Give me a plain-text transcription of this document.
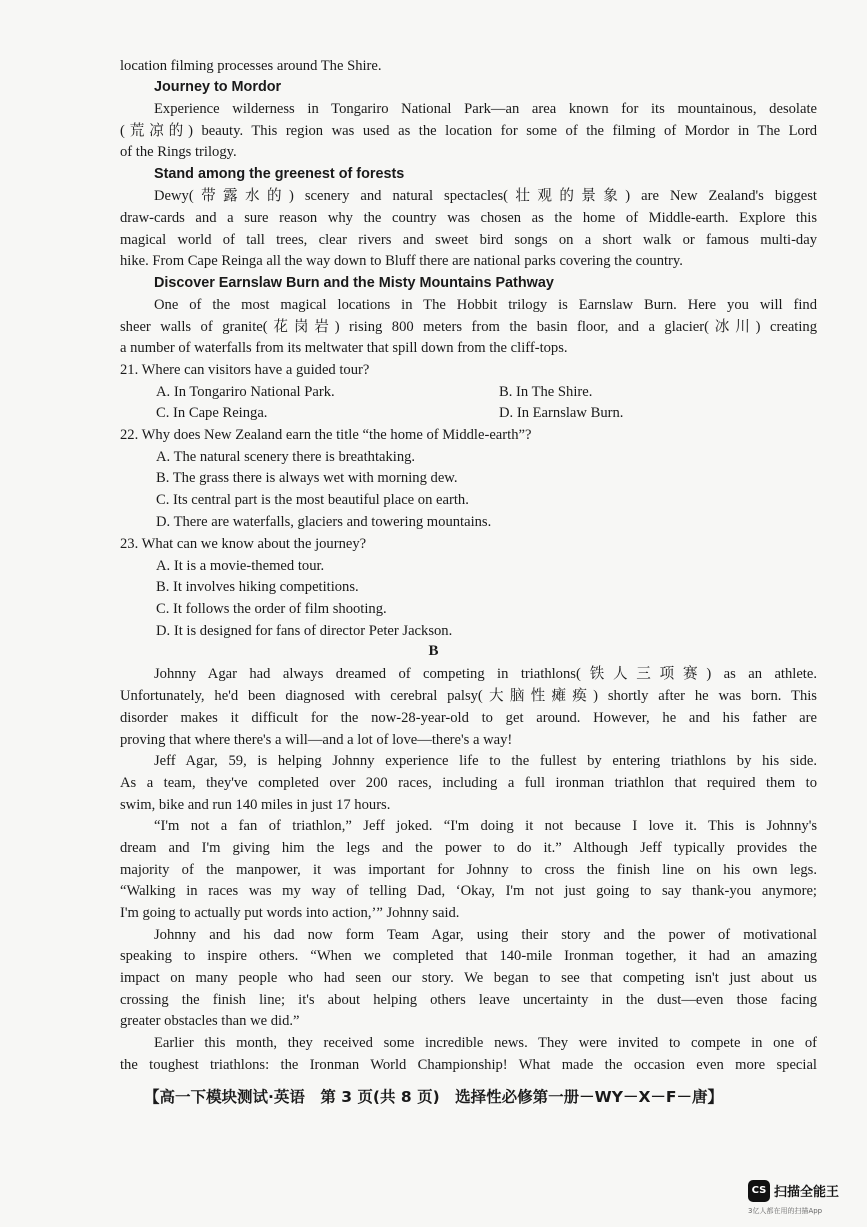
location filming processes around The Shire.
Journey to Mordor
Experience wilderness in Tongariro National Park—an area known for its mountainous, desolate
(荒凉的) beauty. This region was used as the location for some of the filming of Mordor in The Lord
of the Rings trilogy.
Stand among the greenest of forests
Dewy(带露水的) scenery and natural spectacles(壮观的景象) are New Zealand's biggest
draw-cards and a sure reason why the country was chosen as the home of Middle-earth. Explore this
magical world of tall trees, clear rivers and sweet bird songs on a short walk or famous multi-day
hike. From Cape Reinga all the way down to Bluff there are national parks covering the country.
Discover Earnslaw Burn and the Misty Mountains Pathway
One of the most magical locations in The Hobbit trilogy is Earnslaw Burn. Here you will find
sheer walls of granite(花岗岩) rising 800 meters from the basin floor, and a glacier(冰川) creating
a number of waterfalls from its meltwater that spill down from the cliff-tops.
21. Where can visitors have a guided tour?
A. In Tongariro National Park.	B. In The Shire.
C. In Cape Reinga.	D. In Earnslaw Burn.
22. Why does New Zealand earn the title “the home of Middle-earth”?
A. The natural scenery there is breathtaking.
B. The grass there is always wet with morning dew.
C. Its central part is the most beautiful place on earth.
D. There are waterfalls, glaciers and towering mountains.
23. What can we know about the journey?
A. It is a movie-themed tour.
B. It involves hiking competitions.
C. It follows the order of film shooting.
D. It is designed for fans of director Peter Jackson.
B
Johnny Agar had always dreamed of competing in triathlons(铁人三项赛) as an athlete.
Unfortunately, he'd been diagnosed with cerebral palsy(大脑性瘫痪) shortly after he was born. This
disorder makes it difficult for the now-28-year-old to get around. However, he and his father are
proving that where there's a will—and a lot of love—there's a way!
Jeff Agar, 59, is helping Johnny experience life to the fullest by entering triathlons by his side.
As a team, they've completed over 200 races, including a full ironman triathlon that required them to
swim, bike and run 140 miles in just 17 hours.
“I'm not a fan of triathlon,” Jeff joked. “I'm doing it not because I love it. This is Johnny's
dream and I'm giving him the legs and the power to do it.” Although Jeff typically provides the
majority of the manpower, it was important for Johnny to cross the finish line on his own legs.
“Walking in races was my way of telling Dad, ‘Okay, I'm not just going to say thank-you anymore;
I'm going to actually put words into action,’” Johnny said.
Johnny and his dad now form Team Agar, using their story and the power of motivational
speaking to inspire others. “When we completed that 140-mile Ironman together, it had an amazing
impact on many people who had seen our story. We began to see that competing isn't just about us
crossing the finish line; it's about helping others leave uncertainty in the dust—even those facing
greater obstacles than we did.”
Earlier this month, they received some incredible news. They were invited to compete in one of
the toughest triathlons: the Ironman World Championship! What made the occasion even more special
【高一下模块测试·英语　第 3 页(共 8 页)　选择性必修第一册－WY－X－F－唐】
CS 扫描全能王
3亿人都在用的扫描App
